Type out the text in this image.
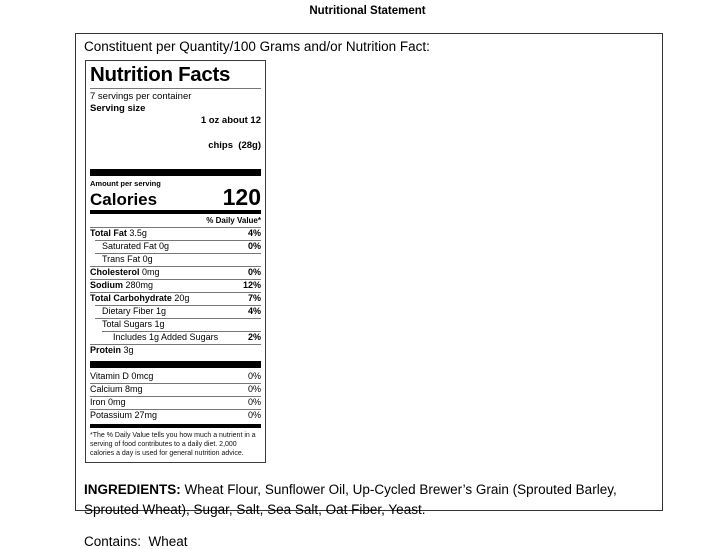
Nutritional Statement
Constituent per Quantity/100 Grams and/or Nutrition Fact:
Nutrition Facts
7 servings per container
Serving size

1 oz about 12

chips  (28g)

Amount per serving
Calories	120
% Daily Value*
Total Fat 3.5g	4%
Saturated Fat 0g	0%
Trans Fat 0g
Cholesterol 0mg	0%
Sodium 280mg	12%
Total Carbohydrate 20g	7%
Dietary Fiber 1g	4%
Total Sugars 1g
Includes 1g Added Sugars	2%
Protein 3g
Vitamin D 0mcg	0%
Calcium 8mg	0%
Iron 0mg	0%
Potassium 27mg	0%
*The % Daily Value tells you how much a nutrient in a serving of food contributes to a daily diet. 2,000 calories a day is used for general nutrition advice.

INGREDIENTS: Wheat Flour, Sunflower Oil, Up-Cycled Brewer’s Grain (Sprouted Barley, Sprouted Wheat), Sugar, Salt, Sea Salt, Oat Fiber, Yeast.

Contains:  Wheat
